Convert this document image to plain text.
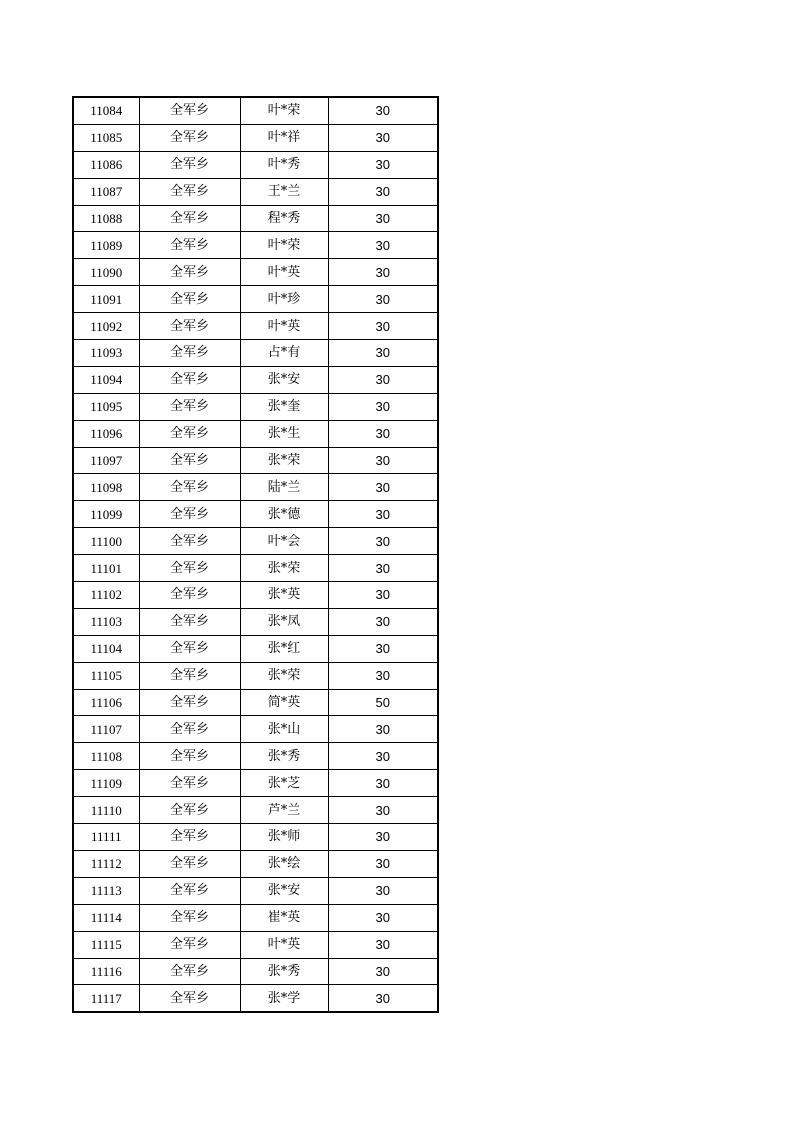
11084	全军乡	叶*荣	30
11085	全军乡	叶*祥	30
11086	全军乡	叶*秀	30
11087	全军乡	王*兰	30
11088	全军乡	程*秀	30
11089	全军乡	叶*荣	30
11090	全军乡	叶*英	30
11091	全军乡	叶*珍	30
11092	全军乡	叶*英	30
11093	全军乡	占*有	30
11094	全军乡	张*安	30
11095	全军乡	张*奎	30
11096	全军乡	张*生	30
11097	全军乡	张*荣	30
11098	全军乡	陆*兰	30
11099	全军乡	张*德	30
11100	全军乡	叶*会	30
11101	全军乡	张*荣	30
11102	全军乡	张*英	30
11103	全军乡	张*凤	30
11104	全军乡	张*红	30
11105	全军乡	张*荣	30
11106	全军乡	简*英	50
11107	全军乡	张*山	30
11108	全军乡	张*秀	30
11109	全军乡	张*芝	30
11110	全军乡	芦*兰	30
11111	全军乡	张*师	30
11112	全军乡	张*绘	30
11113	全军乡	张*安	30
11114	全军乡	崔*英	30
11115	全军乡	叶*英	30
11116	全军乡	张*秀	30
11117	全军乡	张*学	30
